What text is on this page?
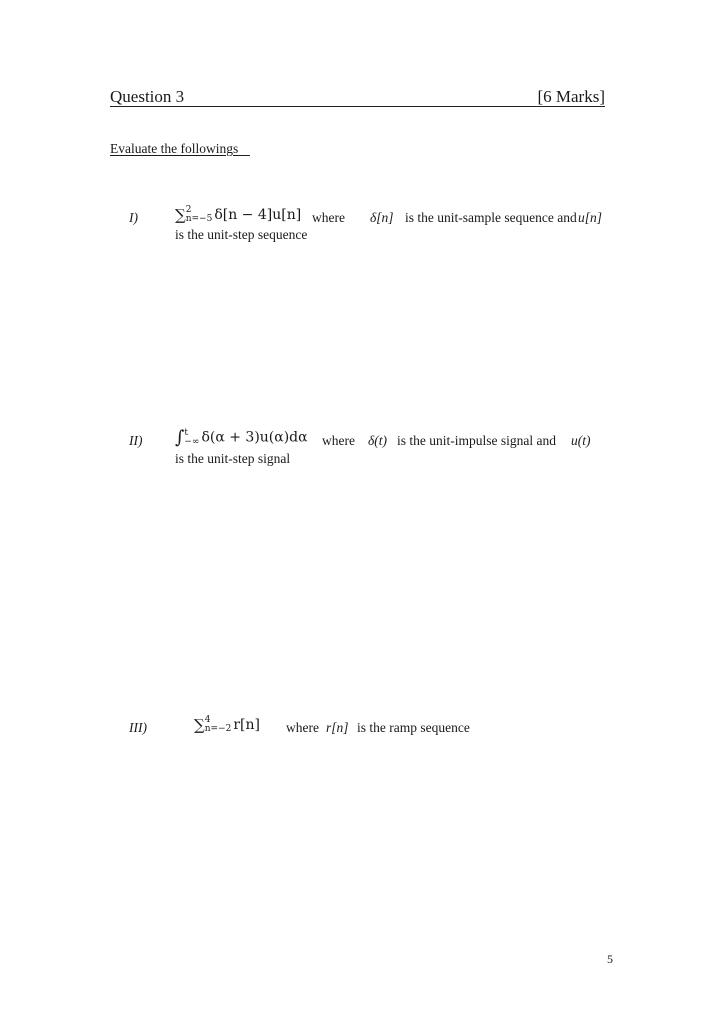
Question 3	[6 Marks]
Evaluate the followings
I) ∑ 2
n=−5 δ[n − 4]u[n] where δ[n] is the unit-sample sequence and u[n]
is the unit-step sequence
II) ∫ t
−∞ δ(α + 3)u(α)dα where δ(t) is the unit-impulse signal and u(t)
is the unit-step signal
III)	∑ 4
n=−2 r[n] where r[n] is the ramp sequence
5
